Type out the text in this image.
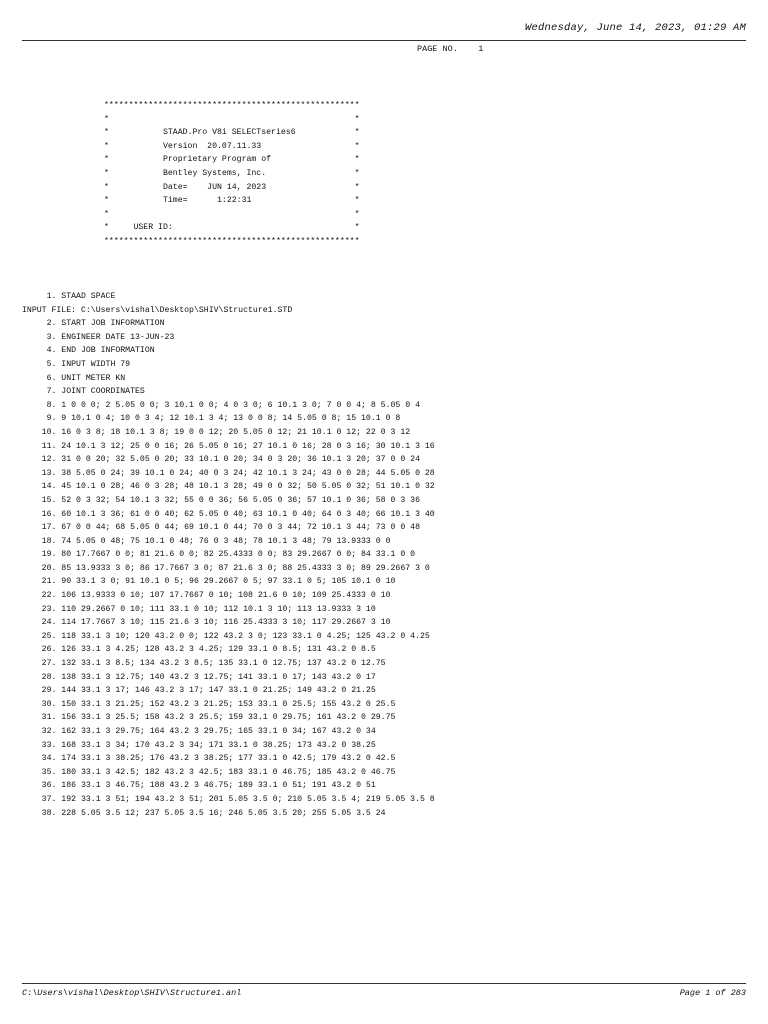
Wednesday, June 14, 2023, 01:29 AM
PAGE NO.    1
****************************************************
*                                                  *
*           STAAD.Pro V8i SELECTseries6            *
*           Version  20.07.11.33                   *
*           Proprietary Program of                 *
*           Bentley Systems, Inc.                  *
*           Date=    JUN 14, 2023                  *
*           Time=      1:22:31                     *
*                                                  *
*     USER ID:                                     *
****************************************************
1. STAAD SPACE
INPUT FILE: C:\Users\vishal\Desktop\SHIV\Structure1.STD
2. START JOB INFORMATION
3. ENGINEER DATE 13-JUN-23
4. END JOB INFORMATION
5. INPUT WIDTH 79
6. UNIT METER KN
7. JOINT COORDINATES
8. 1 0 0 0; 2 5.05 0 0; 3 10.1 0 0; 4 0 3 0; 6 10.1 3 0; 7 0 0 4; 8 5.05 0 4
9. 9 10.1 0 4; 10 0 3 4; 12 10.1 3 4; 13 0 0 8; 14 5.05 0 8; 15 10.1 0 8
10. 16 0 3 8; 18 10.1 3 8; 19 0 0 12; 20 5.05 0 12; 21 10.1 0 12; 22 0 3 12
11. 24 10.1 3 12; 25 0 0 16; 26 5.05 0 16; 27 10.1 0 16; 28 0 3 16; 30 10.1 3 16
12. 31 0 0 20; 32 5.05 0 20; 33 10.1 0 20; 34 0 3 20; 36 10.1 3 20; 37 0 0 24
13. 38 5.05 0 24; 39 10.1 0 24; 40 0 3 24; 42 10.1 3 24; 43 0 0 28; 44 5.05 0 28
14. 45 10.1 0 28; 46 0 3 28; 48 10.1 3 28; 49 0 0 32; 50 5.05 0 32; 51 10.1 0 32
15. 52 0 3 32; 54 10.1 3 32; 55 0 0 36; 56 5.05 0 36; 57 10.1 0 36; 58 0 3 36
16. 60 10.1 3 36; 61 0 0 40; 62 5.05 0 40; 63 10.1 0 40; 64 0 3 40; 66 10.1 3 40
17. 67 0 0 44; 68 5.05 0 44; 69 10.1 0 44; 70 0 3 44; 72 10.1 3 44; 73 0 0 48
18. 74 5.05 0 48; 75 10.1 0 48; 76 0 3 48; 78 10.1 3 48; 79 13.9333 0 0
19. 80 17.7667 0 0; 81 21.6 0 0; 82 25.4333 0 0; 83 29.2667 0 0; 84 33.1 0 0
20. 85 13.9333 3 0; 86 17.7667 3 0; 87 21.6 3 0; 88 25.4333 3 0; 89 29.2667 3 0
21. 90 33.1 3 0; 91 10.1 0 5; 96 29.2667 0 5; 97 33.1 0 5; 105 10.1 0 10
22. 106 13.9333 0 10; 107 17.7667 0 10; 108 21.6 0 10; 109 25.4333 0 10
23. 110 29.2667 0 10; 111 33.1 0 10; 112 10.1 3 10; 113 13.9333 3 10
24. 114 17.7667 3 10; 115 21.6 3 10; 116 25.4333 3 10; 117 29.2667 3 10
25. 118 33.1 3 10; 120 43.2 0 0; 122 43.2 3 0; 123 33.1 0 4.25; 125 43.2 0 4.25
26. 126 33.1 3 4.25; 128 43.2 3 4.25; 129 33.1 0 8.5; 131 43.2 0 8.5
27. 132 33.1 3 8.5; 134 43.2 3 8.5; 135 33.1 0 12.75; 137 43.2 0 12.75
28. 138 33.1 3 12.75; 140 43.2 3 12.75; 141 33.1 0 17; 143 43.2 0 17
29. 144 33.1 3 17; 146 43.2 3 17; 147 33.1 0 21.25; 149 43.2 0 21.25
30. 150 33.1 3 21.25; 152 43.2 3 21.25; 153 33.1 0 25.5; 155 43.2 0 25.5
31. 156 33.1 3 25.5; 158 43.2 3 25.5; 159 33.1 0 29.75; 161 43.2 0 29.75
32. 162 33.1 3 29.75; 164 43.2 3 29.75; 165 33.1 0 34; 167 43.2 0 34
33. 168 33.1 3 34; 170 43.2 3 34; 171 33.1 0 38.25; 173 43.2 0 38.25
34. 174 33.1 3 38.25; 176 43.2 3 38.25; 177 33.1 0 42.5; 179 43.2 0 42.5
35. 180 33.1 3 42.5; 182 43.2 3 42.5; 183 33.1 0 46.75; 185 43.2 0 46.75
36. 186 33.1 3 46.75; 188 43.2 3 46.75; 189 33.1 0 51; 191 43.2 0 51
37. 192 33.1 3 51; 194 43.2 3 51; 201 5.05 3.5 0; 210 5.05 3.5 4; 219 5.05 3.5 8
38. 228 5.05 3.5 12; 237 5.05 3.5 16; 246 5.05 3.5 20; 255 5.05 3.5 24
C:\Users\vishal\Desktop\SHIV\Structure1.anl	Page 1 of 283
